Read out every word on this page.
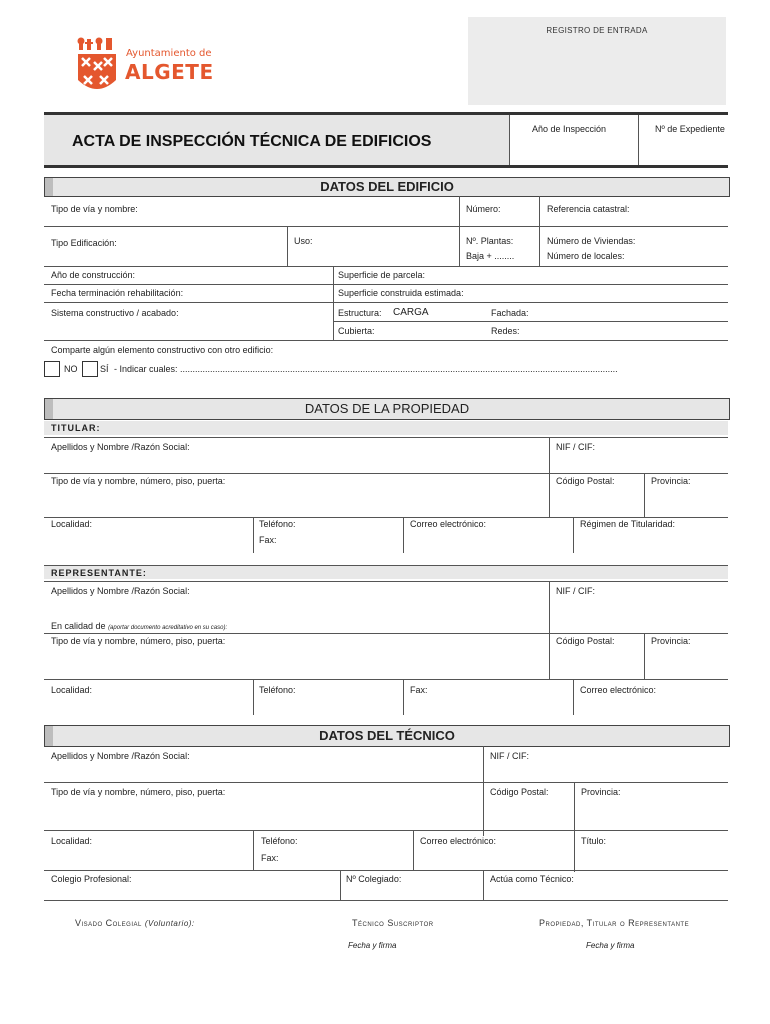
Ayuntamiento de
ALGETE
REGISTRO DE ENTRADA
ACTA DE INSPECCIÓN TÉCNICA DE EDIFICIOS
Año de Inspección	Nº de Expediente
DATOS DEL EDIFICIO
Tipo de vía y nombre:	Número:	Referencia catastral:
Tipo Edificación:	Uso:	Nº. Plantas:
Baja + ........
Número de Viviendas:
Número de locales:
Año de construcción:	Superficie de parcela:
Fecha terminación rehabilitación:	Superficie construida estimada:
Sistema constructivo / acabado:	Estructura: CARGA	Fachada:
Cubierta:	Redes:
Comparte algún elemento constructivo con otro edificio:
NO	SÍ - Indicar cuales: ...............................................................................................................................................................................
DATOS DE LA PROPIEDAD
TITULAR:
Apellidos y Nombre /Razón Social:	NIF / CIF:
Tipo de vía y nombre, número, piso, puerta:	Código Postal:	Provincia:
Localidad:	Teléfono:
Fax:
Correo electrónico:	Régimen de Titularidad:
REPRESENTANTE:
Apellidos y Nombre /Razón Social:	NIF / CIF:
En calidad de (aportar documento acreditativo en su caso):
Tipo de vía y nombre, número, piso, puerta:	Código Postal:	Provincia:
Localidad:	Teléfono:	Fax:	Correo electrónico:
DATOS DEL TÉCNICO
Apellidos y Nombre /Razón Social:	NIF / CIF:
Tipo de vía y nombre, número, piso, puerta:	Código Postal:	Provincia:
Localidad:	Teléfono:
Fax:
Correo electrónico:	Título:
Colegio Profesional:	Nº Colegiado:	Actúa como Técnico:
Visado Colegial (Voluntario):	Técnico Suscriptor	Propiedad, Titular o Representante
Fecha y firma	Fecha y firma
